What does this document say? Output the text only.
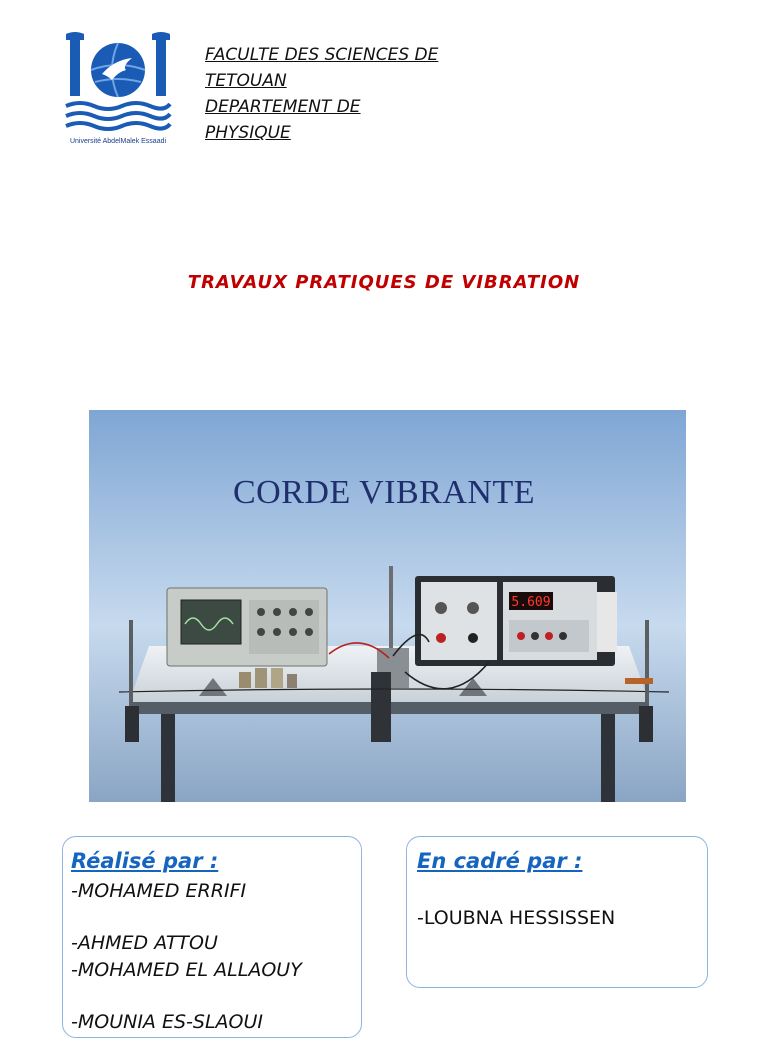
Université AbdelMalek Essaadi
FACULTE DES SCIENCES DE
TETOUAN
DEPARTEMENT DE
PHYSIQUE
TRAVAUX PRATIQUES DE VIBRATION
5.609
CORDE VIBRANTE
Réalisé par :
-MOHAMED ERRIFI
-AHMED ATTOU
-MOHAMED EL ALLAOUY
-MOUNIA ES-SLAOUI
En cadré par :
-LOUBNA HESSISSEN
